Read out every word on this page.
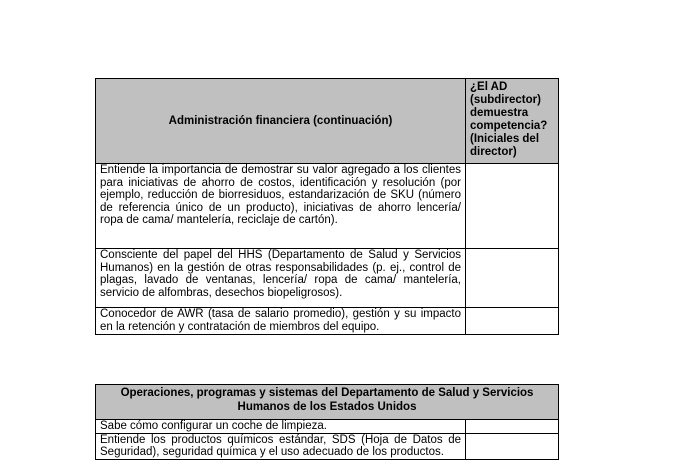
Administración financiera (continuación)	¿El AD (subdirector) demuestra competencia? (Iniciales del director)
Entiende la importancia de demostrar su valor agregado a los clientes para iniciativas de ahorro de costos, identificación y resolución (por ejemplo, reducción de biorresiduos, estandarización de SKU (número de referencia único de un producto), iniciativas de ahorro lencería/ ropa de cama/ mantelería, reciclaje de cartón).	
Consciente del papel del HHS (Departamento de Salud y Servicios Humanos) en la gestión de otras responsabilidades (p. ej., control de plagas, lavado de ventanas, lencería/ ropa de cama/ mantelería, servicio de alfombras, desechos biopeligrosos).	
Conocedor de AWR (tasa de salario promedio), gestión y su impacto en la retención y contratación de miembros del equipo.	
Operaciones, programas y sistemas del Departamento de Salud y Servicios Humanos de los Estados Unidos	
Sabe cómo configurar un coche de limpieza.	
Entiende los productos químicos estándar, SDS (Hoja de Datos de Seguridad), seguridad química y el uso adecuado de los productos.	
